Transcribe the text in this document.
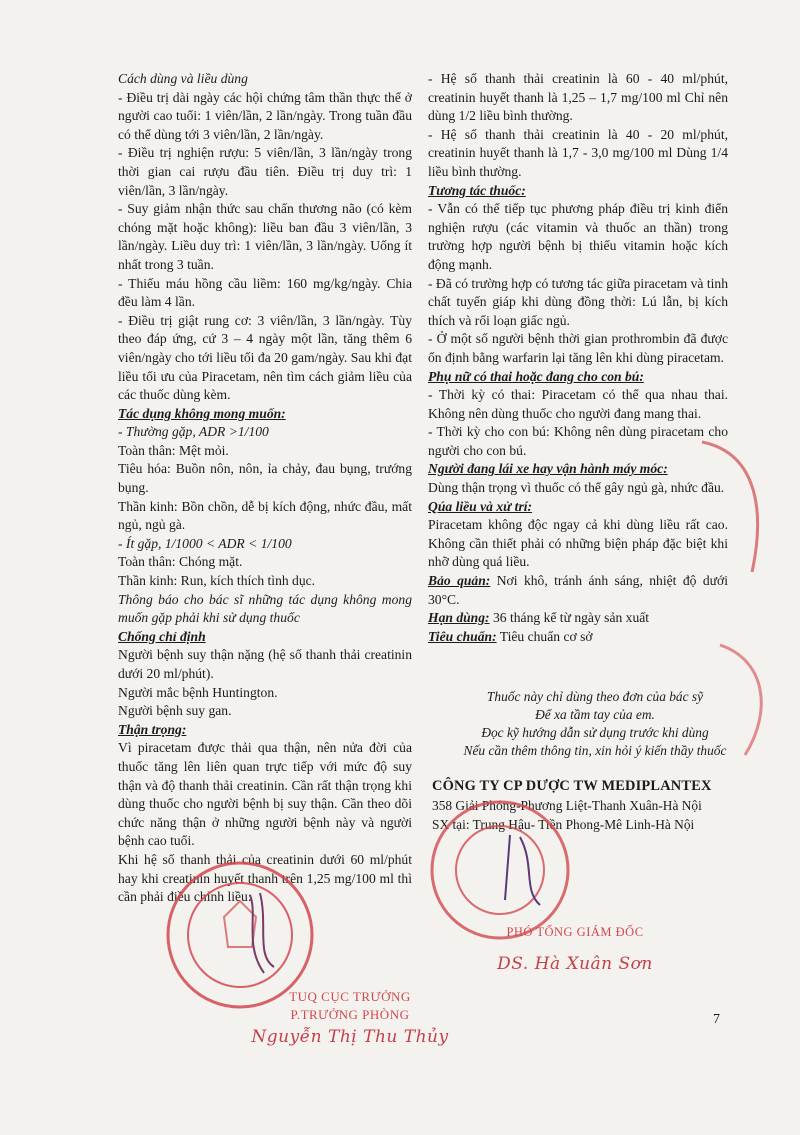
Cách dùng và liều dùng

- Điều trị dài ngày các hội chứng tâm thần thực thể ở người cao tuổi: 1 viên/lần, 2 lần/ngày. Trong tuần đầu có thể dùng tới 3 viên/lần, 2 lần/ngày.

- Điều trị nghiện rượu: 5 viên/lần, 3 lần/ngày trong thời gian cai rượu đầu tiên. Điều trị duy trì: 1 viên/lần, 3 lần/ngày.

- Suy giảm nhận thức sau chấn thương não (có kèm chóng mặt hoặc không): liều ban đầu 3 viên/lần, 3 lần/ngày. Liều duy trì: 1 viên/lần, 3 lần/ngày. Uống ít nhất trong 3 tuần.

- Thiếu máu hồng cầu liềm: 160 mg/kg/ngày. Chia đều làm 4 lần.

- Điều trị giật rung cơ: 3 viên/lần, 3 lần/ngày. Tùy theo đáp ứng, cứ 3 – 4 ngày một lần, tăng thêm 6 viên/ngày cho tới liều tối đa 20 gam/ngày. Sau khi đạt liều tối ưu của Piracetam, nên tìm cách giảm liều của các thuốc dùng kèm.

Tác dụng không mong muốn:

- Thường gặp, ADR >1/100

Toàn thân: Mệt mỏi.

Tiêu hóa: Buồn nôn, nôn, ỉa chảy, đau bụng, trướng bụng.

Thần kinh: Bồn chồn, dễ bị kích động, nhức đầu, mất ngủ, ngủ gà.

- Ít gặp, 1/1000 < ADR < 1/100

Toàn thân: Chóng mặt.

Thần kinh: Run, kích thích tình dục.

Thông báo cho bác sĩ những tác dụng không mong muốn gặp phải khi sử dụng thuốc

Chống chỉ định

Người bệnh suy thận nặng (hệ số thanh thải creatinin dưới 20 ml/phút).

Người mắc bệnh Huntington.

Người bệnh suy gan.

Thận trọng:

Vì piracetam được thải qua thận, nên nửa đời của thuốc tăng lên liên quan trực tiếp với mức độ suy thận và độ thanh thải creatinin. Cần rất thận trọng khi dùng thuốc cho người bệnh bị suy thận. Cần theo dõi chức năng thận ở những người bệnh này và người bệnh cao tuổi.

Khi hệ số thanh thải của creatinin dưới 60 ml/phút hay khi creatinin huyết thanh trên 1,25 mg/100 ml thì cần phải điều chỉnh liều:

- Hệ số thanh thải creatinin là 60 - 40 ml/phút, creatinin huyết thanh là 1,25 – 1,7 mg/100 ml Chỉ nên dùng 1/2 liều bình thường.

- Hệ số thanh thải creatinin là 40 - 20 ml/phút, creatinin huyết thanh là 1,7 - 3,0 mg/100 ml Dùng 1/4 liều bình thường.

Tương tác thuốc:

- Vẫn có thể tiếp tục phương pháp điều trị kinh điển nghiện rượu (các vitamin và thuốc an thần) trong trường hợp người bệnh bị thiếu vitamin hoặc kích động mạnh.

- Đã có trường hợp có tương tác giữa piracetam và tinh chất tuyến giáp khi dùng đồng thời: Lú lẫn, bị kích thích và rối loạn giấc ngủ.

- Ở một số người bệnh thời gian prothrombin đã được ổn định bằng warfarin lại tăng lên khi dùng piracetam.

Phụ nữ có thai hoặc đang cho con bú:

- Thời kỳ có thai: Piracetam có thể qua nhau thai. Không nên dùng thuốc cho người đang mang thai.

- Thời kỳ cho con bú: Không nên dùng piracetam cho người cho con bú.

Người đang lái xe hay vận hành máy móc:

Dùng thận trọng vì thuốc có thể gây ngủ gà, nhức đầu.

Qúa liều và xử trí:

Piracetam không độc ngay cả khi dùng liều rất cao. Không cần thiết phải có những biện pháp đặc biệt khi nhỡ dùng quá liều.

Bảo quản: Nơi khô, tránh ánh sáng, nhiệt độ dưới 30°C.

Hạn dùng: 36 tháng kể từ ngày sản xuất

Tiêu chuẩn: Tiêu chuẩn cơ sở

Thuốc này chỉ dùng theo đơn của bác sỹ

Để xa tầm tay của em.

Đọc kỹ hướng dẫn sử dụng trước khi dùng

Nếu cần thêm thông tin, xin hỏi ý kiến thầy thuốc

CÔNG TY CP DƯỢC TW MEDIPLANTEX

358 Giải Phóng-Phương Liệt-Thanh Xuân-Hà Nội

SX tại: Trung Hậu- Tiền Phong-Mê Linh-Hà Nội

PHÓ TỔNG GIÁM ĐỐC
DS. Hà Xuân Sơn
TUQ CỤC TRƯỞNG
P.TRƯỞNG PHÒNG
Nguyễn Thị Thu Thủy
7
